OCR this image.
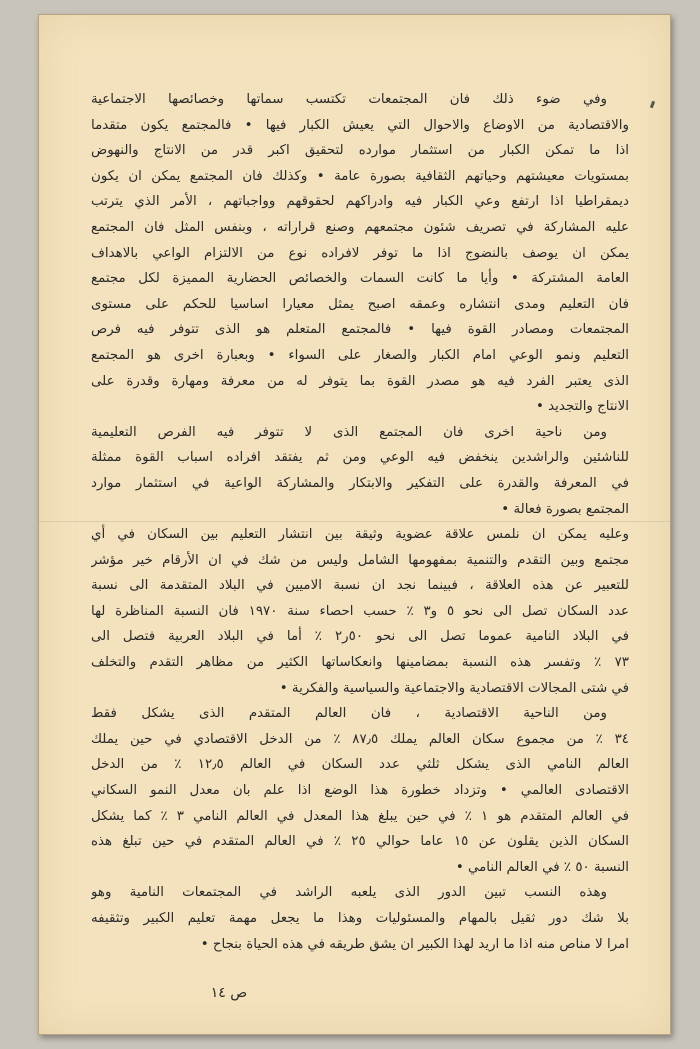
وفي ضوء ذلك فان المجتمعات تكتسب سماتها وخصائصها الاجتماعية
والاقتصادية من الاوضاع والاحوال التي يعيش الكبار فيها • فالمجتمع يكون متقدما
اذا ما تمكن الكبار من استثمار موارده لتحقيق اكبر قدر من الانتاج والنهوض
بمستويات معيشتهم وحياتهم الثقافية بصورة عامة • وكذلك فان المجتمع يمكن ان يكون
ديمقراطيا اذا ارتفع وعي الكبار فيه وادراكهم لحقوقهم وواجباتهم ، الأمر الذي يترتب
عليه المشاركة في تصريف شئون مجتمعهم وصنع قراراته ، وبنفس المثل فان المجتمع
يمكن ان يوصف بالنضوج اذا ما توفر لافراده نوع من الالتزام الواعي بالاهداف
العامة المشتركة • وأيا ما كانت السمات والخصائص الحضارية المميزة لكل مجتمع
فان التعليم ومدى انتشاره وعمقه اصبح يمثل معيارا اساسيا للحكم على مستوى
المجتمعات ومصادر القوة فيها • فالمجتمع المتعلم هو الذى تتوفر فيه فرص
التعليم ونمو الوعي امام الكبار والصغار على السواء • وبعبارة اخرى هو المجتمع
الذى يعتبر الفرد فيه هو مصدر القوة بما يتوفر له من معرفة ومهارة وقدرة على
الانتاج والتجديد •
ومن ناحية اخرى فان المجتمع الذى لا تتوفر فيه الفرص التعليمية
للناشئين والراشدين ينخفض فيه الوعي ومن ثم يفتقد افراده اسباب القوة ممثلة
في المعرفة والقدرة على التفكير والابتكار والمشاركة الواعية في استثمار موارد
المجتمع بصورة فعالة •
وعليه يمكن ان نلمس علاقة عضوية وثيقة بين انتشار التعليم بين السكان في أي
مجتمع وبين التقدم والتنمية بمفهومها الشامل وليس من شك في ان الأرقام خير مؤشر
للتعبير عن هذه العلاقة ، فبينما نجد ان نسبة الاميين في البلاد المتقدمة الى نسبة
عدد السكان تصل الى نحو ٥ و٣ ٪ حسب احصاء سنة ١٩٧٠ فان النسبة المناظرة لها
في البلاد النامية عموما تصل الى نحو ٥٠ر٢ ٪ أما في البلاد العربية فتصل الى
٧٣ ٪ وتفسر هذه النسبة بمضامينها وانعكاساتها الكثير من مظاهر التقدم والتخلف
في شتى المجالات الاقتصادية والاجتماعية والسياسية والفكرية •
ومن الناحية الاقتصادية ، فان العالم المتقدم الذى يشكل فقط
٣٤ ٪ من مجموع سكان العالم يملك ٨٧٫٥ ٪ من الدخل الاقتصادي في حين يملك
العالم النامي الذى يشكل ثلثي عدد السكان في العالم ١٢٫٥ ٪ من الدخل
الاقتصادى العالمي • وتزداد خطورة هذا الوضع اذا علم بان معدل النمو السكاني
في العالم المتقدم هو ١ ٪ في حين يبلغ هذا المعدل في العالم النامي ٣ ٪ كما يشكل
السكان الذين يقلون عن ١٥ عاما حوالي ٢٥ ٪ في العالم المتقدم في حين تبلغ هذه
النسبة ٥٠ ٪ في العالم النامي •
وهذه النسب تبين الدور الذى يلعبه الراشد في المجتمعات النامية وهو
بلا شك دور ثقيل بالمهام والمسئوليات وهذا ما يجعل مهمة تعليم الكبير وتثقيفه
امرا لا مناص منه اذا ما اريد لهذا الكبير ان يشق طريقه في هذه الحياة بنجاح •
ص ١٤
